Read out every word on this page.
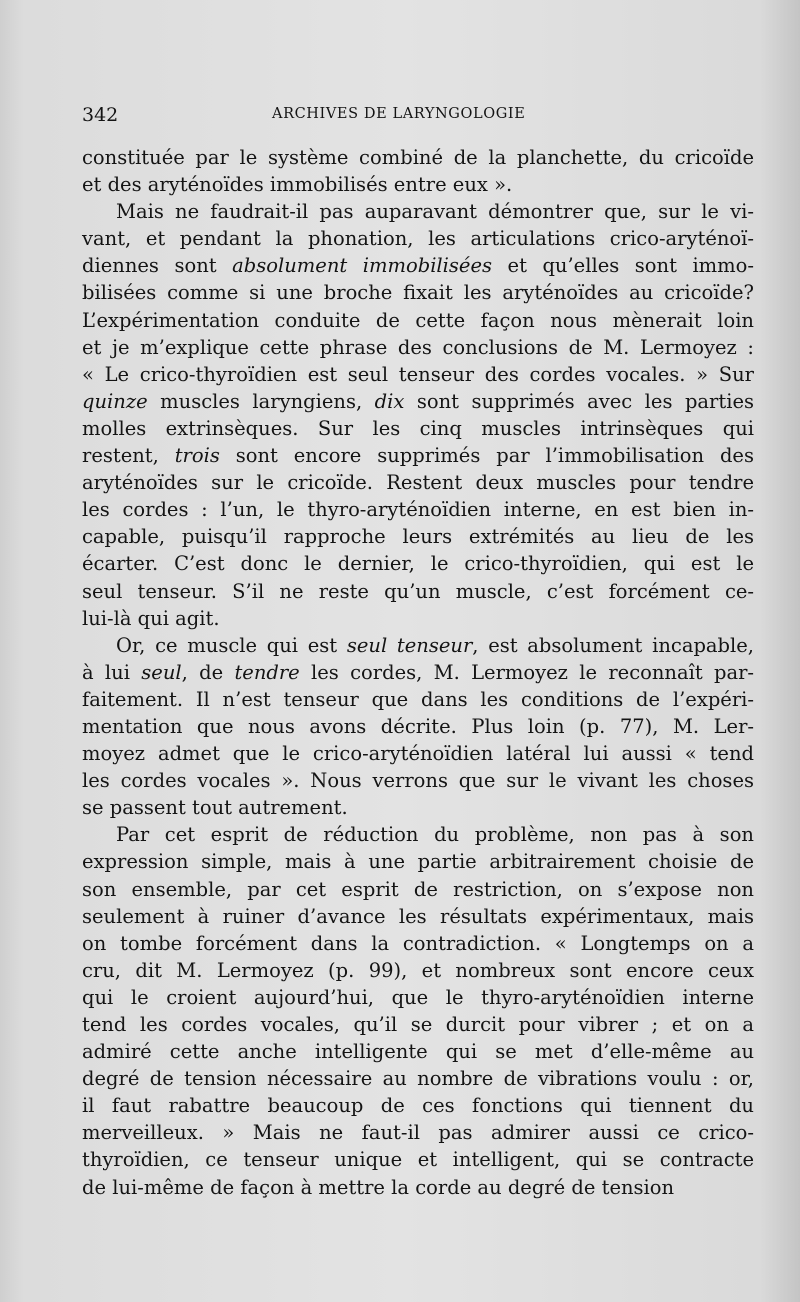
342	ARCHIVES DE LARYNGOLOGIE

constituée par le système combiné de la planchette, du cricoïde
et des aryténoïdes immobilisés entre eux ».

Mais ne faudrait-il pas auparavant démontrer que, sur le vi-
vant, et pendant la phonation, les articulations crico-aryténoï-
diennes sont absolument immobilisées et qu’elles sont immo-
bilisées comme si une broche fixait les aryténoïdes au cricoïde?
L’expérimentation conduite de cette façon nous mènerait loin
et je m’explique cette phrase des conclusions de M. Lermoyez :
« Le crico-thyroïdien est seul tenseur des cordes vocales. » Sur
quinze muscles laryngiens, dix sont supprimés avec les parties
molles extrinsèques. Sur les cinq muscles intrinsèques qui
restent, trois sont encore supprimés par l’immobilisation des
aryténoïdes sur le cricoïde. Restent deux muscles pour tendre
les cordes : l’un, le thyro-aryténoïdien interne, en est bien in-
capable, puisqu’il rapproche leurs extrémités au lieu de les
écarter. C’est donc le dernier, le crico-thyroïdien, qui est le
seul tenseur. S’il ne reste qu’un muscle, c’est forcément ce-
lui-là qui agit.

Or, ce muscle qui est seul tenseur, est absolument incapable,
à lui seul, de tendre les cordes, M. Lermoyez le reconnaît par-
faitement. Il n’est tenseur que dans les conditions de l’expéri-
mentation que nous avons décrite. Plus loin (p. 77), M. Ler-
moyez admet que le crico-aryténoïdien latéral lui aussi « tend
les cordes vocales ». Nous verrons que sur le vivant les choses
se passent tout autrement.

Par cet esprit de réduction du problème, non pas à son
expression simple, mais à une partie arbitrairement choisie de
son ensemble, par cet esprit de restriction, on s’expose non
seulement à ruiner d’avance les résultats expérimentaux, mais
on tombe forcément dans la contradiction. « Longtemps on a
cru, dit M. Lermoyez (p. 99), et nombreux sont encore ceux
qui le croient aujourd’hui, que le thyro-aryténoïdien interne
tend les cordes vocales, qu’il se durcit pour vibrer ; et on a
admiré cette anche intelligente qui se met d’elle-même au
degré de tension nécessaire au nombre de vibrations voulu : or,
il faut rabattre beaucoup de ces fonctions qui tiennent du
merveilleux. » Mais ne faut-il pas admirer aussi ce crico-
thyroïdien, ce tenseur unique et intelligent, qui se contracte
de lui-même de façon à mettre la corde au degré de tension
